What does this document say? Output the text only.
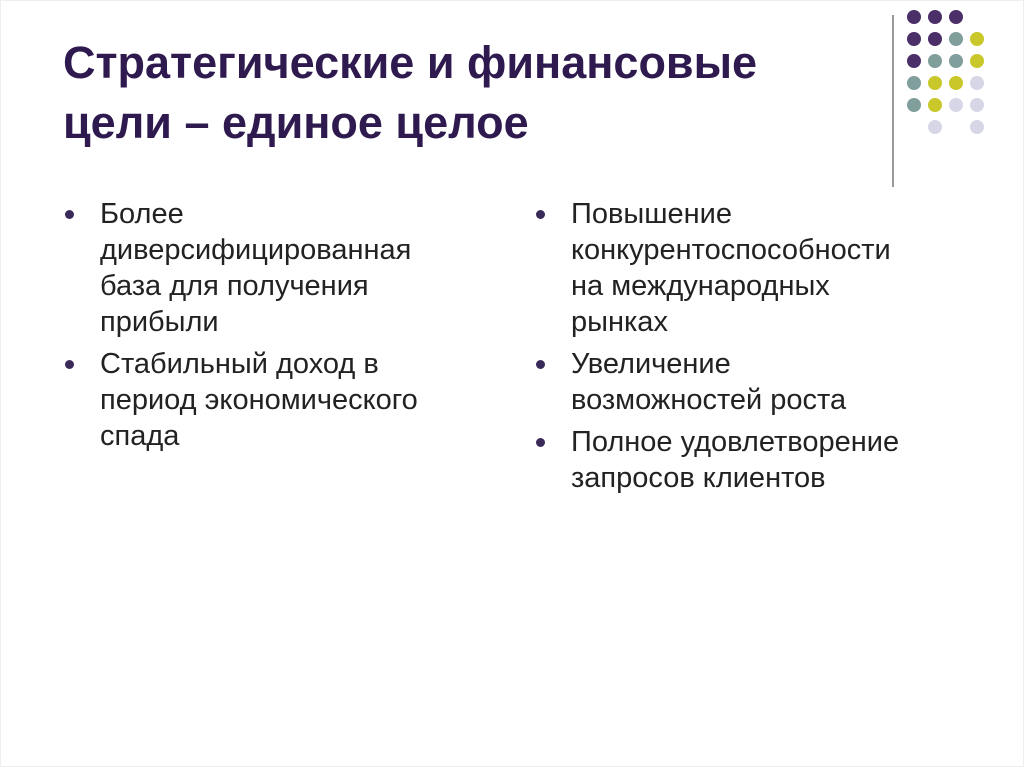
Стратегические и финансовые
цели – единое целое
Более
диверсифицированная
база для получения
прибыли
Стабильный доход в
период экономического
спада
Повышение
конкурентоспособности
на международных
рынках
Увеличение
возможностей роста
Полное удовлетворение
запросов клиентов
